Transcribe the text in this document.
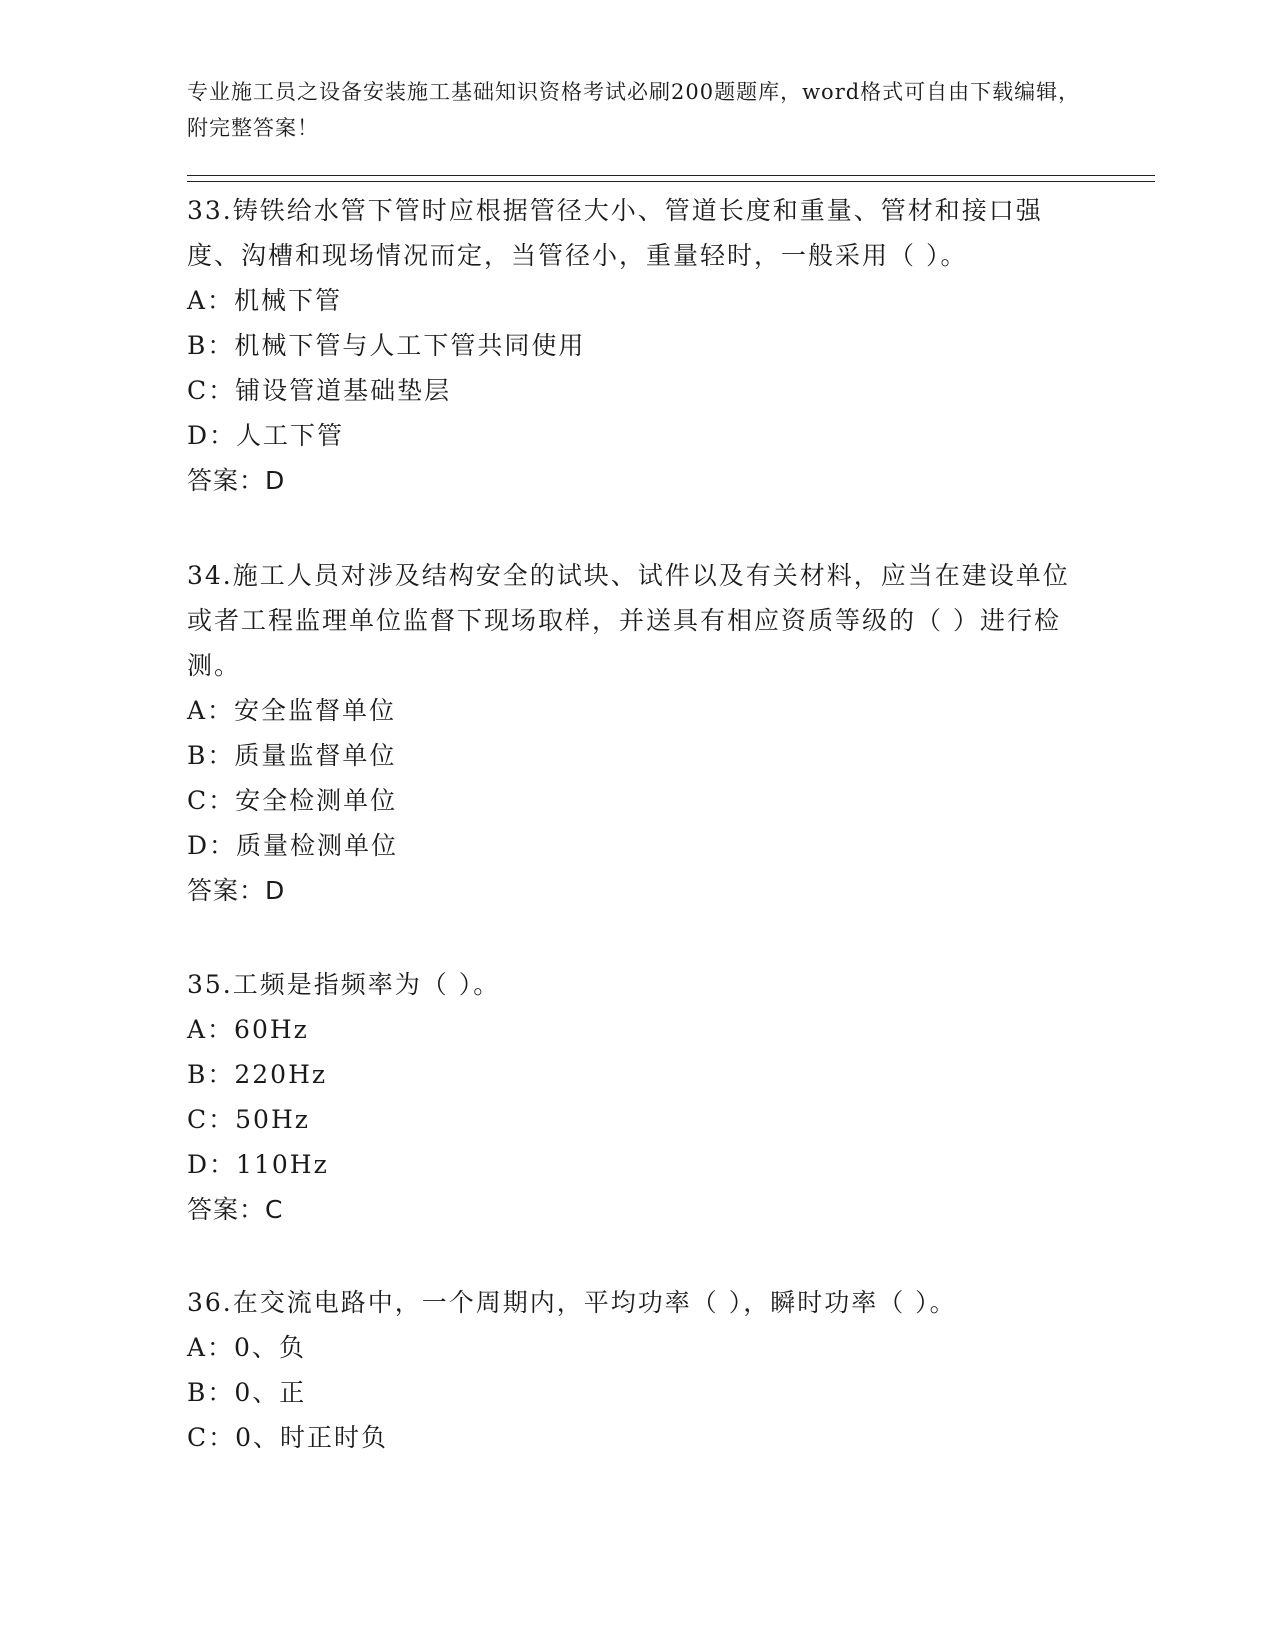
专业施工员之设备安装施工基础知识资格考试必刷200题题库，word格式可自由下载编辑，附完整答案！
33.铸铁给水管下管时应根据管径大小、管道长度和重量、管材和接口强度、沟槽和现场情况而定，当管径小，重量轻时，一般采用（ ）。
A：机械下管
B：机械下管与人工下管共同使用
C：铺设管道基础垫层
D：人工下管
答案：D
34.施工人员对涉及结构安全的试块、试件以及有关材料，应当在建设单位或者工程监理单位监督下现场取样，并送具有相应资质等级的（ ）进行检测。
A：安全监督单位
B：质量监督单位
C：安全检测单位
D：质量检测单位
答案：D
35.工频是指频率为（ ）。
A：60Hz
B：220Hz
C：50Hz
D：110Hz
答案：C
36.在交流电路中，一个周期内，平均功率（ ），瞬时功率（ ）。
A：0、负
B：0、正
C：0、时正时负
